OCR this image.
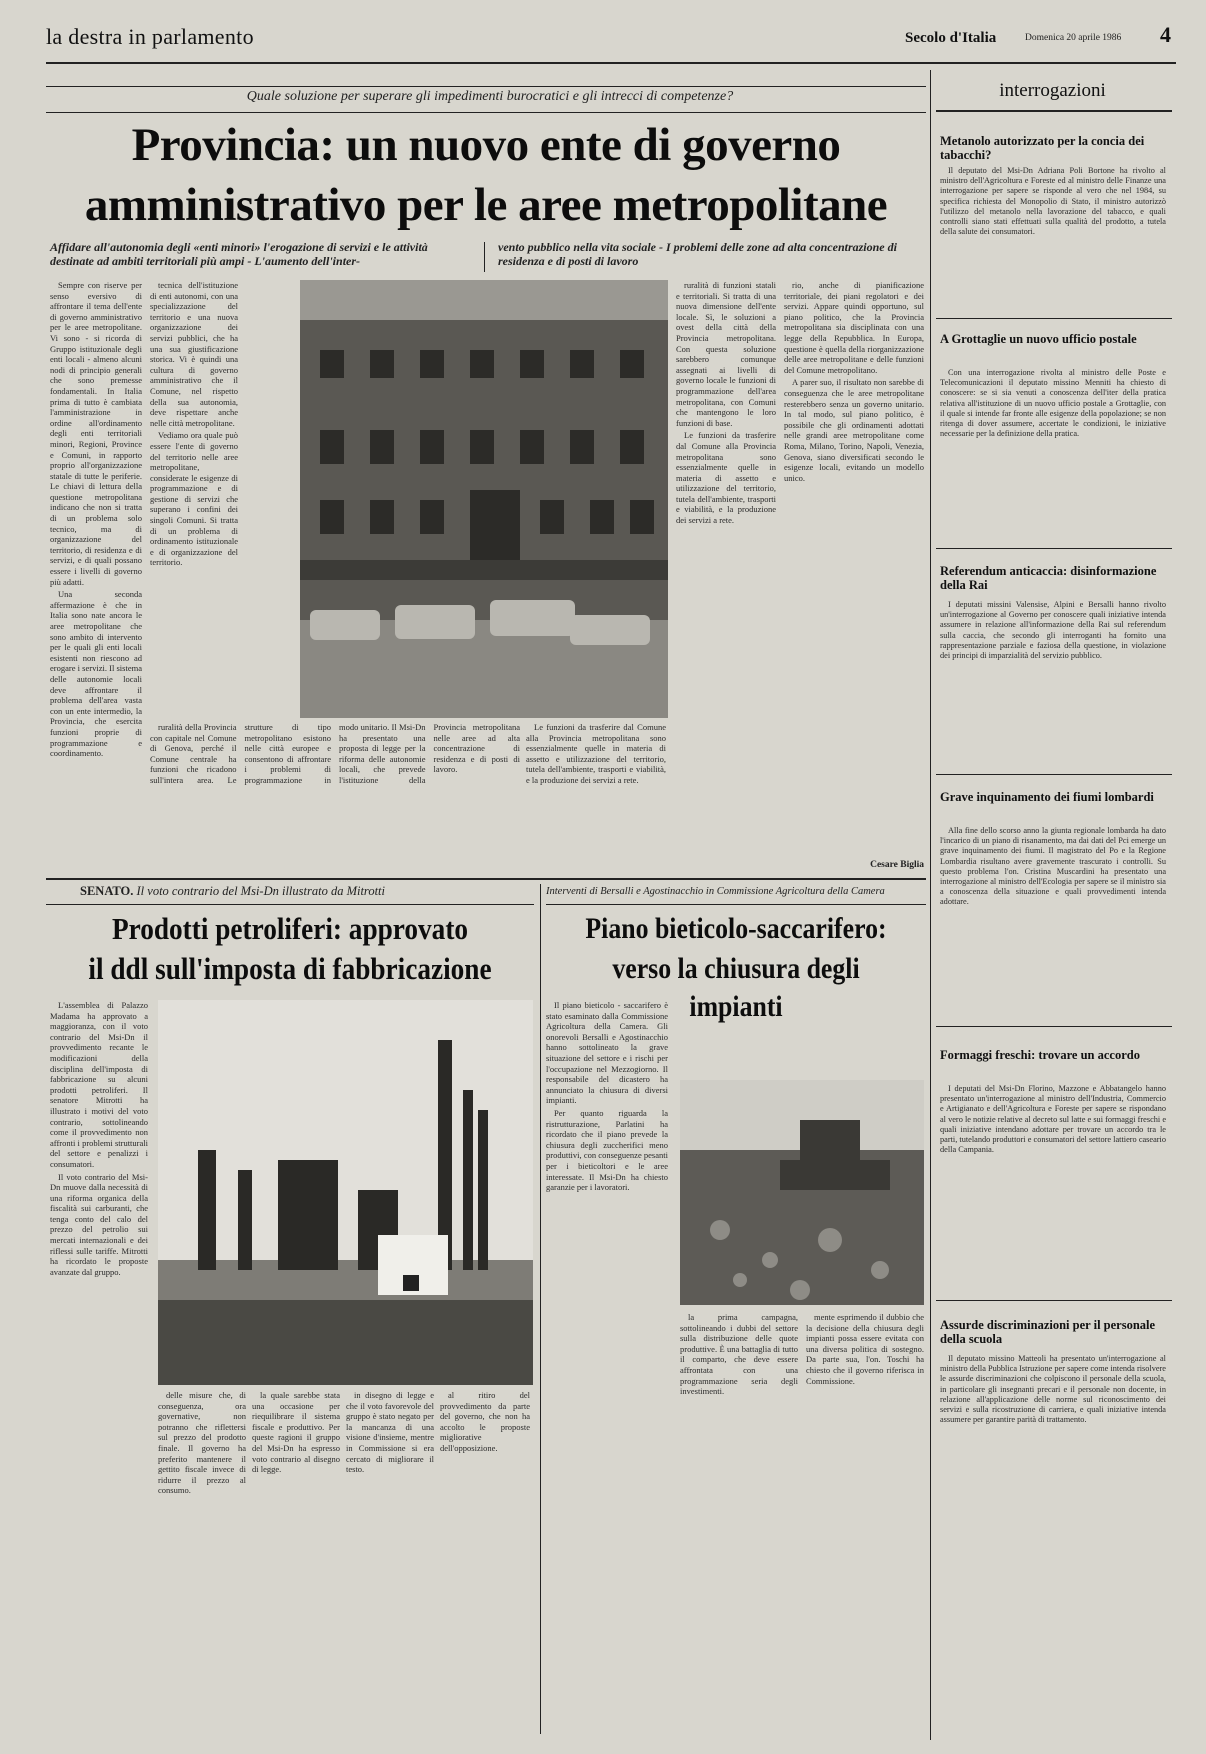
la destra in parlamento	Secolo d'Italia	Domenica 20 aprile 1986 4
Quale soluzione per superare gli impedimenti burocratici e gli intrecci di competenze?
Provincia: un nuovo ente di governo
amministrativo per le aree metropolitane
Affidare all'autonomia degli «enti minori» l'erogazione di servizi e le attività destinate ad ambiti territoriali più ampi - L'aumento dell'inter-
vento pubblico nella vita sociale - I problemi delle zone ad alta concentrazione di residenza e di posti di lavoro

Sempre con riserve per senso eversivo di affrontare il tema dell'ente di governo amministrativo per le aree metropolitane. Vi sono - si ricorda di Gruppo istituzionale degli enti locali - almeno alcuni nodi di principio generali che sono premesse fondamentali. In Italia prima di tutto è cambiata l'amministrazione in ordine all'ordinamento degli enti territoriali minori, Regioni, Province e Comuni, in rapporto proprio all'organizzazione statale di tutte le periferie. Le chiavi di lettura della questione metropolitana indicano che non si tratta di un problema solo tecnico, ma di organizzazione del territorio, di residenza e di servizi, e di quali possano essere i livelli di governo più adatti.

Una seconda affermazione è che in Italia sono nate ancora le aree metropolitane che sono ambito di intervento per le quali gli enti locali esistenti non riescono ad erogare i servizi. Il sistema delle autonomie locali deve affrontare il problema dell'area vasta con un ente intermedio, la Provincia, che esercita funzioni proprie di programmazione e coordinamento.

tecnica dell'istituzione di enti autonomi, con una specializzazione del territorio e una nuova organizzazione dei servizi pubblici, che ha una sua giustificazione storica. Vi è quindi una cultura di governo amministrativo che il Comune, nel rispetto della sua autonomia, deve rispettare anche nelle città metropolitane.

Vediamo ora quale può essere l'ente di governo del territorio nelle aree metropolitane, considerate le esigenze di programmazione e di gestione di servizi che superano i confini dei singoli Comuni. Si tratta di un problema di ordinamento istituzionale e di organizzazione del territorio.

ruralità della Provincia con capitale nel Comune di Genova, perché il Comune centrale ha funzioni che ricadono sull'intera area. Le strutture di tipo metropolitano esistono nelle città europee e consentono di affrontare i problemi di programmazione in modo unitario. Il Msi-Dn ha presentato una proposta di legge per la riforma delle autonomie locali, che prevede l'istituzione della Provincia metropolitana nelle aree ad alta concentrazione di residenza e di posti di lavoro.

Le funzioni da trasferire dal Comune alla Provincia metropolitana sono essenzialmente quelle in materia di assetto e utilizzazione del territorio, tutela dell'ambiente, trasporti e viabilità, e la produzione dei servizi a rete.

ruralità di funzioni statali e territoriali. Si tratta di una nuova dimensione dell'ente locale. Sì, le soluzioni a ovest della città della Provincia metropolitana. Con questa soluzione sarebbero comunque assegnati ai livelli di governo locale le funzioni di programmazione dell'area metropolitana, con Comuni che mantengono le loro funzioni di base.

Le funzioni da trasferire dal Comune alla Provincia metropolitana sono essenzialmente quelle in materia di assetto e utilizzazione del territorio, tutela dell'ambiente, trasporti e viabilità, e la produzione dei servizi a rete.

rio, anche di pianificazione territoriale, dei piani regolatori e dei servizi. Appare quindi opportuno, sul piano politico, che la Provincia metropolitana sia disciplinata con una legge della Repubblica. In Europa, questione è quella della riorganizzazione delle aree metropolitane e delle funzioni del Comune metropolitano.

A parer suo, il risultato non sarebbe di conseguenza che le aree metropolitane resterebbero senza un governo unitario. In tal modo, sul piano politico, è possibile che gli ordinamenti adottati nelle grandi aree metropolitane come Roma, Milano, Torino, Napoli, Venezia, Genova, siano diversificati secondo le esigenze locali, evitando un modello unico.

Cesare Biglia
SENATO. Il voto contrario del Msi-Dn illustrato da Mitrotti
Prodotti petroliferi: approvato
il ddl sull'imposta di fabbricazione

L'assemblea di Palazzo Madama ha approvato a maggioranza, con il voto contrario del Msi-Dn il provvedimento recante le modificazioni della disciplina dell'imposta di fabbricazione su alcuni prodotti petroliferi. Il senatore Mitrotti ha illustrato i motivi del voto contrario, sottolineando come il provvedimento non affronti i problemi strutturali del settore e penalizzi i consumatori.

Il voto contrario del Msi-Dn muove dalla necessità di una riforma organica della fiscalità sui carburanti, che tenga conto del calo del prezzo del petrolio sui mercati internazionali e dei riflessi sulle tariffe. Mitrotti ha ricordato le proposte avanzate dal gruppo.

delle misure che, di conseguenza, ora governative, non potranno che riflettersi sul prezzo del prodotto finale. Il governo ha preferito mantenere il gettito fiscale invece di ridurre il prezzo al consumo.

la quale sarebbe stata una occasione per riequilibrare il sistema fiscale e produttivo. Per queste ragioni il gruppo del Msi-Dn ha espresso voto contrario al disegno di legge.

in disegno di legge e che il voto favorevole del gruppo è stato negato per la mancanza di una visione d'insieme, mentre in Commissione si era cercato di migliorare il testo.

al ritiro del provvedimento da parte del governo, che non ha accolto le proposte migliorative dell'opposizione.

Interventi di Bersalli e Agostinacchio in Commissione Agricoltura della Camera
Piano bieticolo-saccarifero:
verso la chiusura degli impianti

Il piano bieticolo - saccarifero è stato esaminato dalla Commissione Agricoltura della Camera. Gli onorevoli Bersalli e Agostinacchio hanno sottolineato la grave situazione del settore e i rischi per l'occupazione nel Mezzogiorno. Il responsabile del dicastero ha annunciato la chiusura di diversi impianti.

Per quanto riguarda la ristrutturazione, Parlatini ha ricordato che il piano prevede la chiusura degli zuccherifici meno produttivi, con conseguenze pesanti per i bieticoltori e le aree interessate. Il Msi-Dn ha chiesto garanzie per i lavoratori.

la prima campagna, sottolineando i dubbi del settore sulla distribuzione delle quote produttive. È una battaglia di tutto il comparto, che deve essere affrontata con una programmazione seria degli investimenti.

mente esprimendo il dubbio che la decisione della chiusura degli impianti possa essere evitata con una diversa politica di sostegno. Da parte sua, l'on. Toschi ha chiesto che il governo riferisca in Commissione.

interrogazioni
Metanolo autorizzato per la concia dei tabacchi?

Il deputato del Msi-Dn Adriana Poli Bortone ha rivolto al ministro dell'Agricoltura e Foreste ed al ministro delle Finanze una interrogazione per sapere se risponde al vero che nel 1984, su specifica richiesta del Monopolio di Stato, il ministro autorizzò l'utilizzo del metanolo nella lavorazione del tabacco, e quali controlli siano stati effettuati sulla qualità del prodotto, a tutela della salute dei consumatori.

A Grottaglie un nuovo ufficio postale

Con una interrogazione rivolta al ministro delle Poste e Telecomunicazioni il deputato missino Menniti ha chiesto di conoscere: se si sia venuti a conoscenza dell'iter della pratica relativa all'istituzione di un nuovo ufficio postale a Grottaglie, con il quale si intende far fronte alle esigenze della popolazione; se non ritenga di dover assumere, accertate le condizioni, le iniziative necessarie per la definizione della pratica.

Referendum anticaccia: disinformazione della Rai

I deputati missini Valensise, Alpini e Bersalli hanno rivolto un'interrogazione al Governo per conoscere quali iniziative intenda assumere in relazione all'informazione della Rai sul referendum sulla caccia, che secondo gli interroganti ha fornito una rappresentazione parziale e faziosa della questione, in violazione dei principi di imparzialità del servizio pubblico.

Grave inquinamento dei fiumi lombardi

Alla fine dello scorso anno la giunta regionale lombarda ha dato l'incarico di un piano di risanamento, ma dai dati del Pci emerge un grave inquinamento dei fiumi. Il magistrato del Po e la Regione Lombardia risultano avere gravemente trascurato i controlli. Su questo problema l'on. Cristina Muscardini ha presentato una interrogazione al ministro dell'Ecologia per sapere se il ministro sia a conoscenza della situazione e quali provvedimenti intenda adottare.

Formaggi freschi: trovare un accordo

I deputati del Msi-Dn Florino, Mazzone e Abbatangelo hanno presentato un'interrogazione al ministro dell'Industria, Commercio e Artigianato e dell'Agricoltura e Foreste per sapere se rispondano al vero le notizie relative al decreto sul latte e sui formaggi freschi e quali iniziative intendano adottare per trovare un accordo tra le parti, tutelando produttori e consumatori del settore lattiero caseario della Campania.

Assurde discriminazioni per il personale della scuola

Il deputato missino Matteoli ha presentato un'interrogazione al ministro della Pubblica Istruzione per sapere come intenda risolvere le assurde discriminazioni che colpiscono il personale della scuola, in particolare gli insegnanti precari e il personale non docente, in relazione all'applicazione delle norme sul riconoscimento dei servizi e sulla ricostruzione di carriera, e quali iniziative intenda assumere per garantire parità di trattamento.
